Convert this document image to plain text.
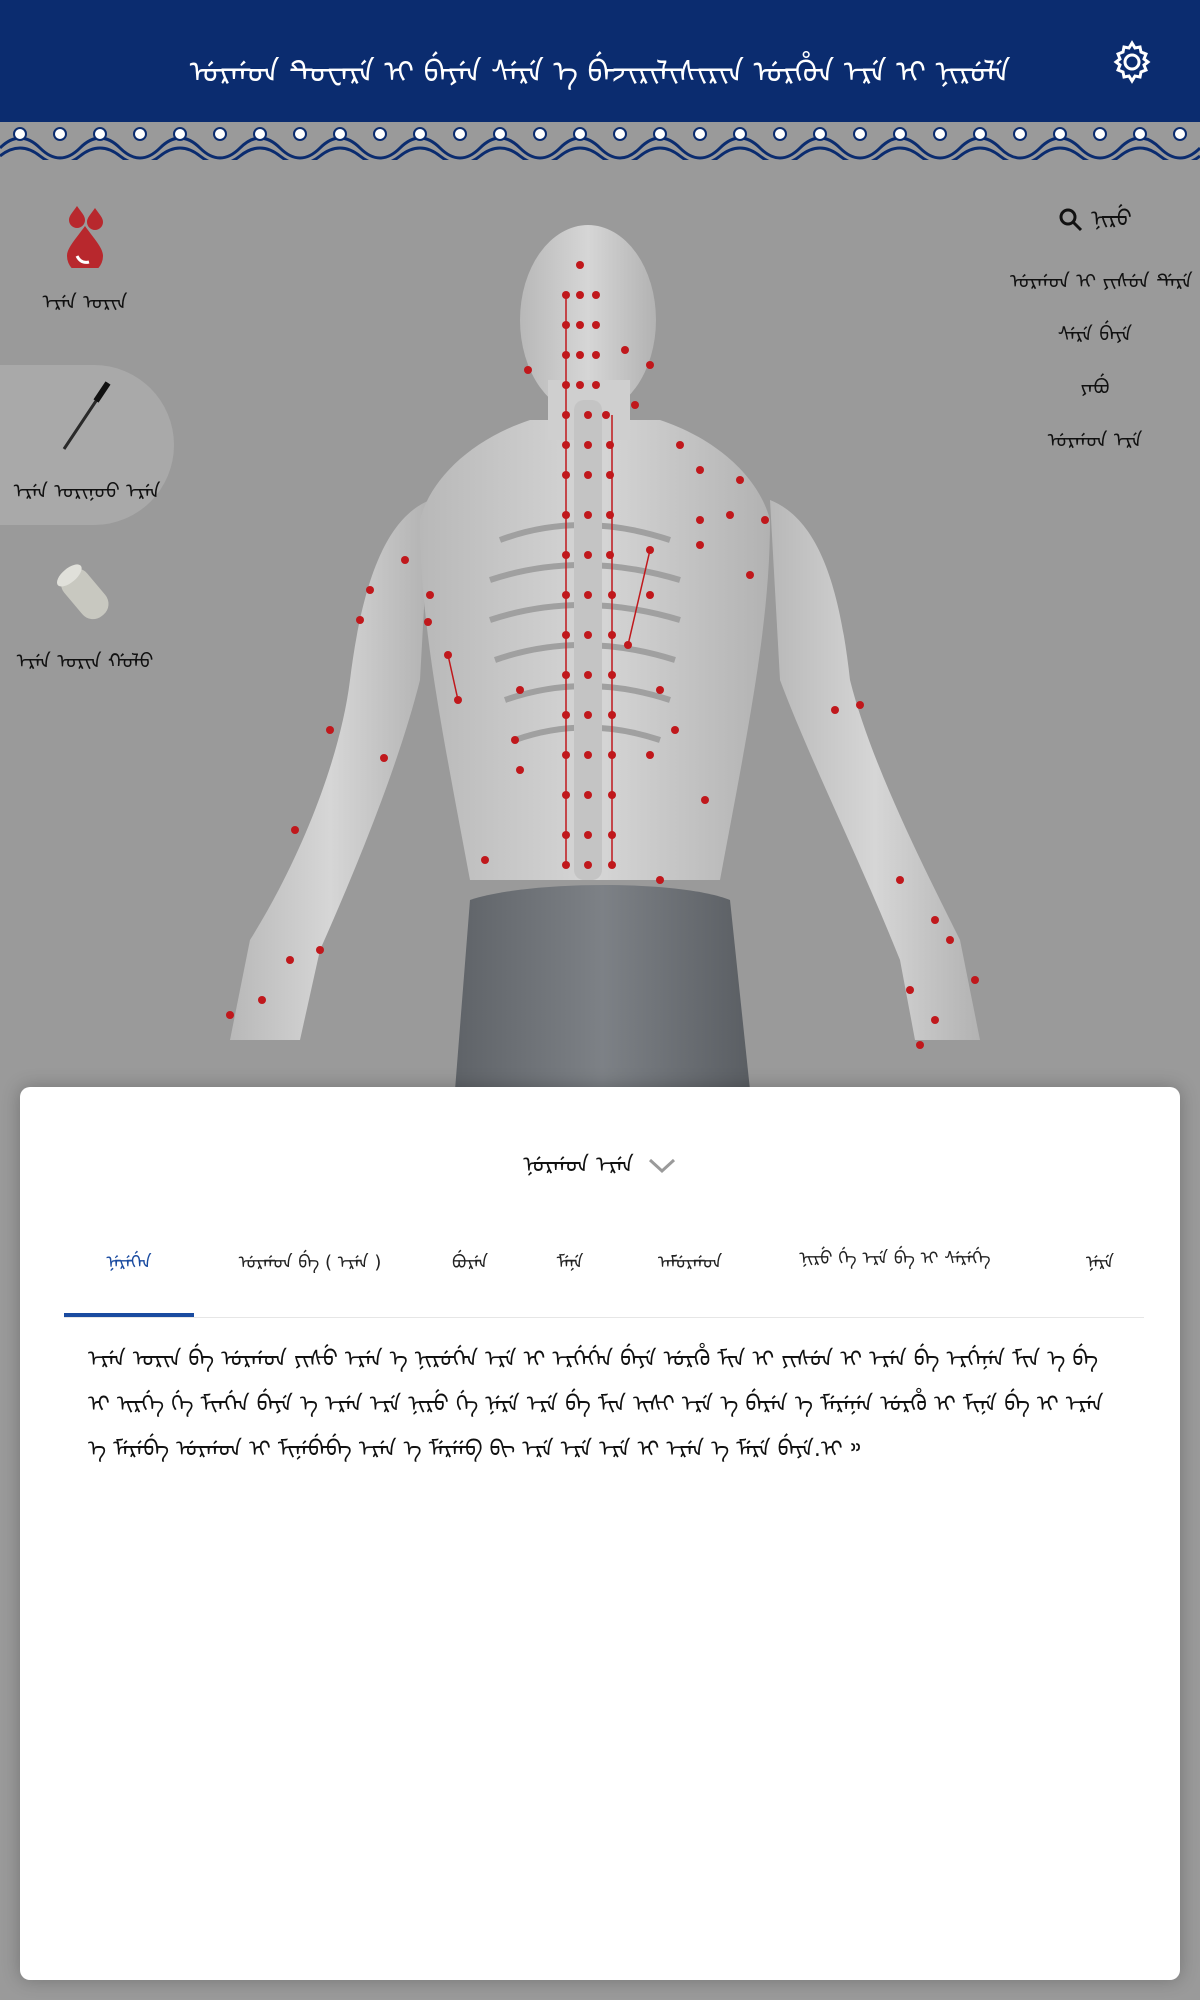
ᡠᡵᡤᠣᠨ ᡨᡠᠸᠠᡵᡝ ᡳ ᠪᡝᠶᡝᠨ ᠰᡝᡵᡝ ᡝ ᠪᡝᠵᡳᡵᡳᠯᡳᠰᡳᡵᡳᠨ ᡠᡵᡥᡠᠨ ᡝᡵᡝ ᡳ ᠨᡳᡵᡠᠯᡝ
ᡝᠷᡝᠨ ᠣᡵᡳᠨ
ᡝᠷᡝᠨ ᠣᡵᡳᠨᠣᠣ ᡝᠷᡝᠨ
ᡝᠷᡝᠨ ᠣᡵᡳᠨ ᡤᠣᠯᠣ
ᠨᡳᡵᡠ
ᡠᡵᡤᠣᠨ ᡳ ᠶᡳᠰᡠᠨ ᡩᡝᡵᡝ
ᠰᡝᡵᡝ ᠪᡝᠶᡝ
ᠶᠠᠪᡠ
ᡠᠷᡤᠣᠨ ᡝᠷᡝ
ᠨᡠᡵᡤᠣᠨ ᡝᠷᡝᠨ
ᠨᡝᡵᡝᡤᡝᠨ	ᡠᠷᡤᠣᠨ ᠪᡝ ( ᡝᠷᡝᠨ )	ᠪᡠᡵᡝᠨ	ᠮᡝᠨᡝ	ᠠᠮᡠᡵᡤᠣᠨ	ᠨᡳᡵᡠ ᡤᡝ ᡝᡵᡝ ᠪᡝ ᡳ ᠰᡝᡵᡝᡤᡝ	ᠨᡝᡵᡝ
ᡝᠷᡝᠨ ᠣᡵᡳᠨ ᠪᡝ ᡠᡵᡤᠣᠨ ᠶᡳᠰᡠ ᡝᡵᡝᠨ ᡝ ᠨᡳᡵᡠᡤᡝᠨ ᡝᡵᡝ ᡳ ᡝᡵᡤᡝᡤᡝᠨ ᠪᡝᠶᡝ ᡠᡵᡥᡠ ᠮᡳᠨ ᡳ ᠶᡳᠰᡠᠨ ᡳ ᡝᡵᡝᠨ ᠪᡝ ᡝᡵᡤᡝᠨᡝᠨ ᠮᡳᠨ ᡝ ᠪᡝ ᡳ ᡳᡵᡤᡝ ᡤᡝ ᠮᡳᠨᡤᡝᠨ ᠪᡝᠶᡝ ᡝ ᡝᠷᡝᠨ ᡝᠷᡝ ᠨᡳᡵᡠ ᡤᡝ ᠨᡝᡵᡝ ᡝᡵᡝ ᠪᡝ ᠮᡳᠨ ᡳᠰᡳ ᡝᡵᡝ ᡝ ᠪᡝᡵᡝᠨ ᡝ ᠮᡝᡵᡝᠨᡝᠨ ᡠᡵᡥᡠ ᡳ ᠮᡳᠨᡝ ᠪᡝ ᡳ ᡝᠷᡝᠨ ᡝ ᠮᡝᡵᡝᠪᡝ ᡠᡵᡤᠣᠨ ᡳ ᠮᡳᠨᡝᠪᡝᠪᡝ ᡝᠷᡝᠨ ᡝ ᠮᡝᡵᡝᡝᠪ ᠪᡳ ᡝᠷᡝ ᡝᡵᡝ ᡝᡵᡝ ᡳ ᡝᡵᡝᠨ ᡝ ᠮᡝᡵᡝ ᠪᡝᠶᡝ.ᡳ ᠉
